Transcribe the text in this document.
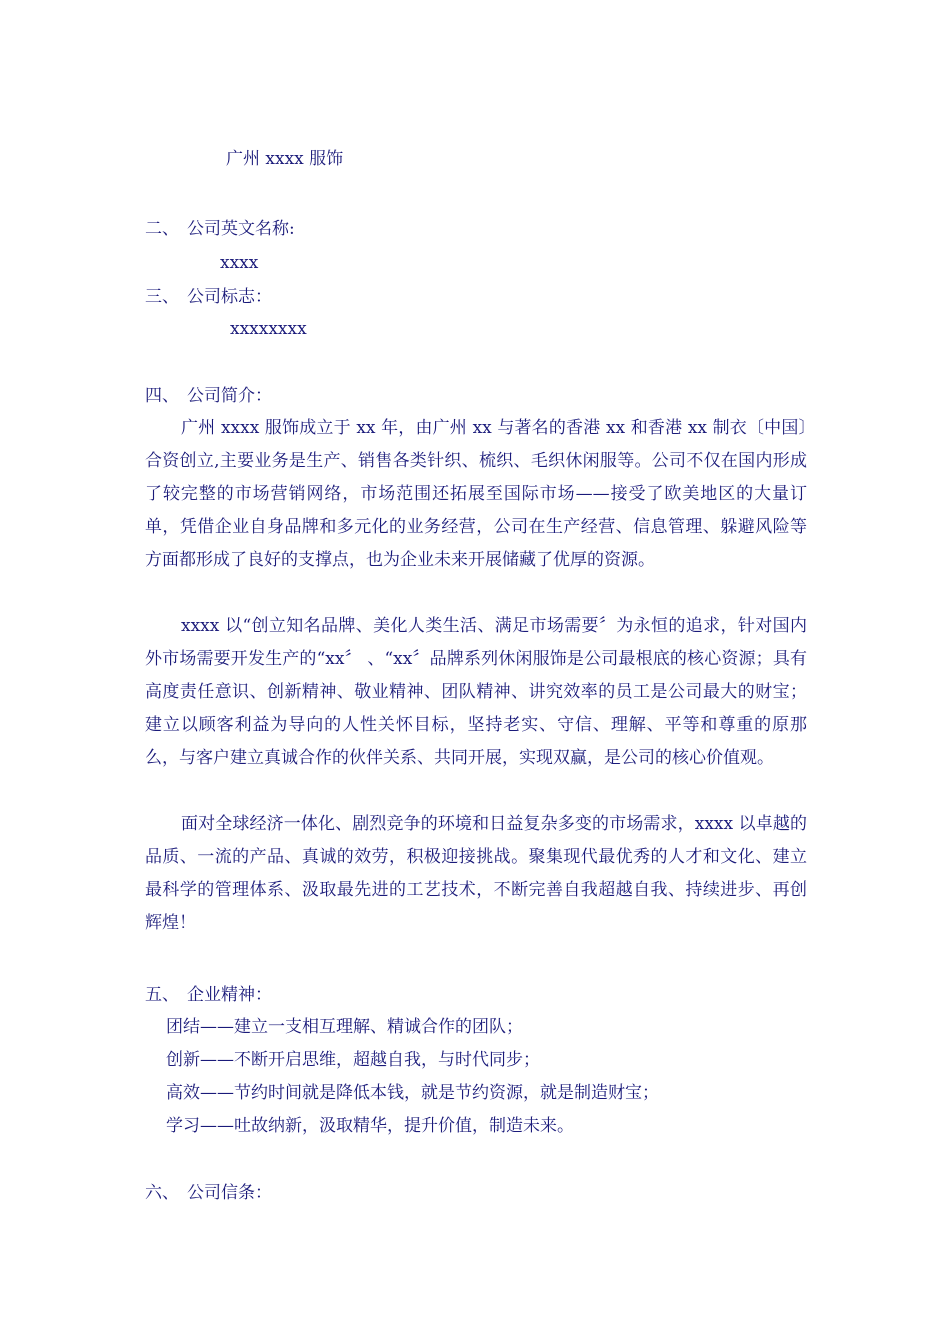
广州 xxxx 服饰
二、 公司英文名称:
xxxx
三、 公司标志：
xxxxxxxx
四、 公司简介：
广州 xxxx 服饰成立于 xx 年，由广州 xx 与著名的香港 xx 和香港 xx 制衣〔中国〕合资创立,主要业务是生产、销售各类针织、梳织、毛织休闲服等。公司不仅在国内形成了较完整的市场营销网络，市场范围还拓展至国际市场——接受了欧美地区的大量订单，凭借企业自身品牌和多元化的业务经营，公司在生产经营、信息管理、躲避风险等方面都形成了良好的支撑点，也为企业未来开展储藏了优厚的资源。
xxxx 以“创立知名品牌、美化人类生活、满足市场需要〞为永恒的追求，针对国内外市场需要开发生产的“xx〞 、“xx〞品牌系列休闲服饰是公司最根底的核心资源；具有高度责任意识、创新精神、敬业精神、团队精神、讲究效率的员工是公司最大的财宝；建立以顾客利益为导向的人性关怀目标，坚持老实、守信、理解、平等和尊重的原那么，与客户建立真诚合作的伙伴关系、共同开展，实现双赢，是公司的核心价值观。
面对全球经济一体化、剧烈竞争的环境和日益复杂多变的市场需求，xxxx 以卓越的品质、一流的产品、真诚的效劳，积极迎接挑战。聚集现代最优秀的人才和文化、建立最科学的管理体系、汲取最先进的工艺技术，不断完善自我超越自我、持续进步、再创辉煌！
五、 企业精神：
团结——建立一支相互理解、精诚合作的团队；
创新——不断开启思维，超越自我，与时代同步；
高效——节约时间就是降低本钱，就是节约资源，就是制造财宝；
学习——吐故纳新，汲取精华，提升价值，制造未来。
六、 公司信条：
